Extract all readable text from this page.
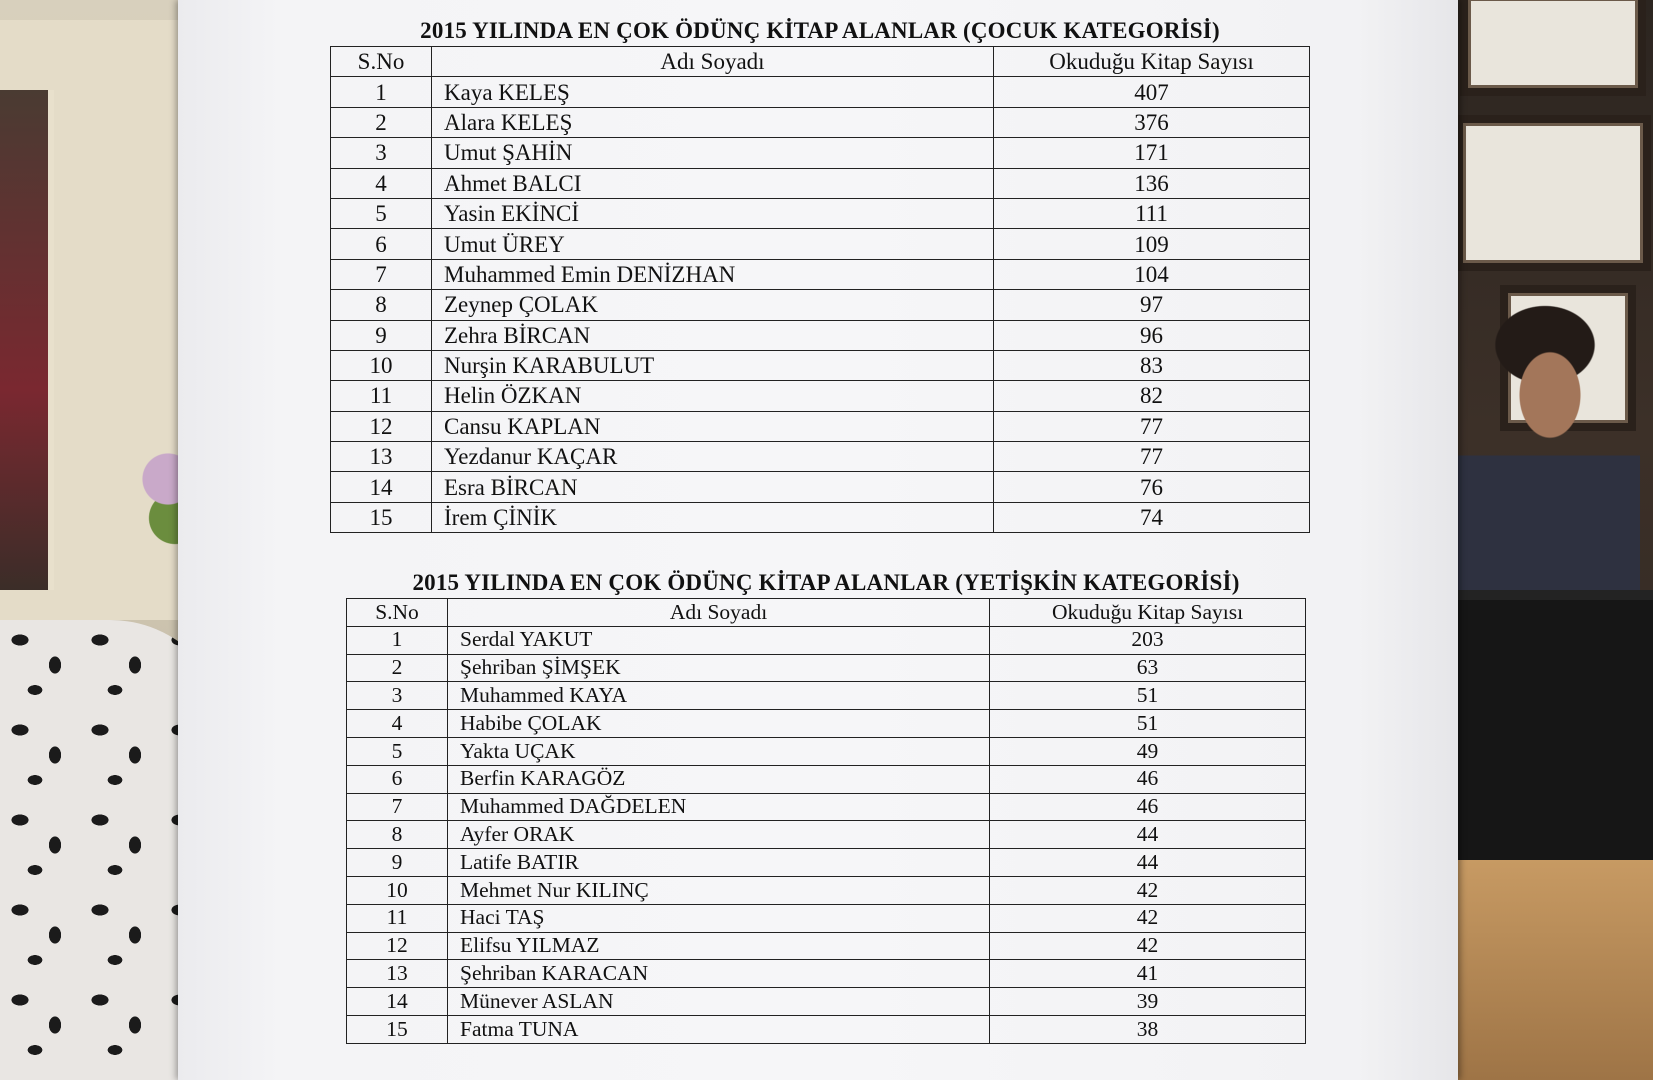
2015 YILINDA EN ÇOK ÖDÜNÇ KİTAP ALANLAR (ÇOCUK KATEGORİSİ)
S.No	Adı Soyadı	Okuduğu Kitap Sayısı
1	Kaya KELEŞ	407
2	Alara KELEŞ	376
3	Umut ŞAHİN	171
4	Ahmet BALCI	136
5	Yasin EKİNCİ	111
6	Umut ÜREY	109
7	Muhammed Emin DENİZHAN	104
8	Zeynep ÇOLAK	97
9	Zehra BİRCAN	96
10	Nurşin KARABULUT	83
11	Helin ÖZKAN	82
12	Cansu KAPLAN	77
13	Yezdanur KAÇAR	77
14	Esra BİRCAN	76
15	İrem ÇİNİK	74
2015 YILINDA EN ÇOK ÖDÜNÇ KİTAP ALANLAR (YETİŞKİN KATEGORİSİ)
S.No	Adı Soyadı	Okuduğu Kitap Sayısı
1	Serdal YAKUT	203
2	Şehriban ŞİMŞEK	63
3	Muhammed KAYA	51
4	Habibe ÇOLAK	51
5	Yakta UÇAK	49
6	Berfin KARAGÖZ	46
7	Muhammed DAĞDELEN	46
8	Ayfer ORAK	44
9	Latife BATIR	44
10	Mehmet Nur KILINÇ	42
11	Haci TAŞ	42
12	Elifsu YILMAZ	42
13	Şehriban KARACAN	41
14	Münever ASLAN	39
15	Fatma TUNA	38
